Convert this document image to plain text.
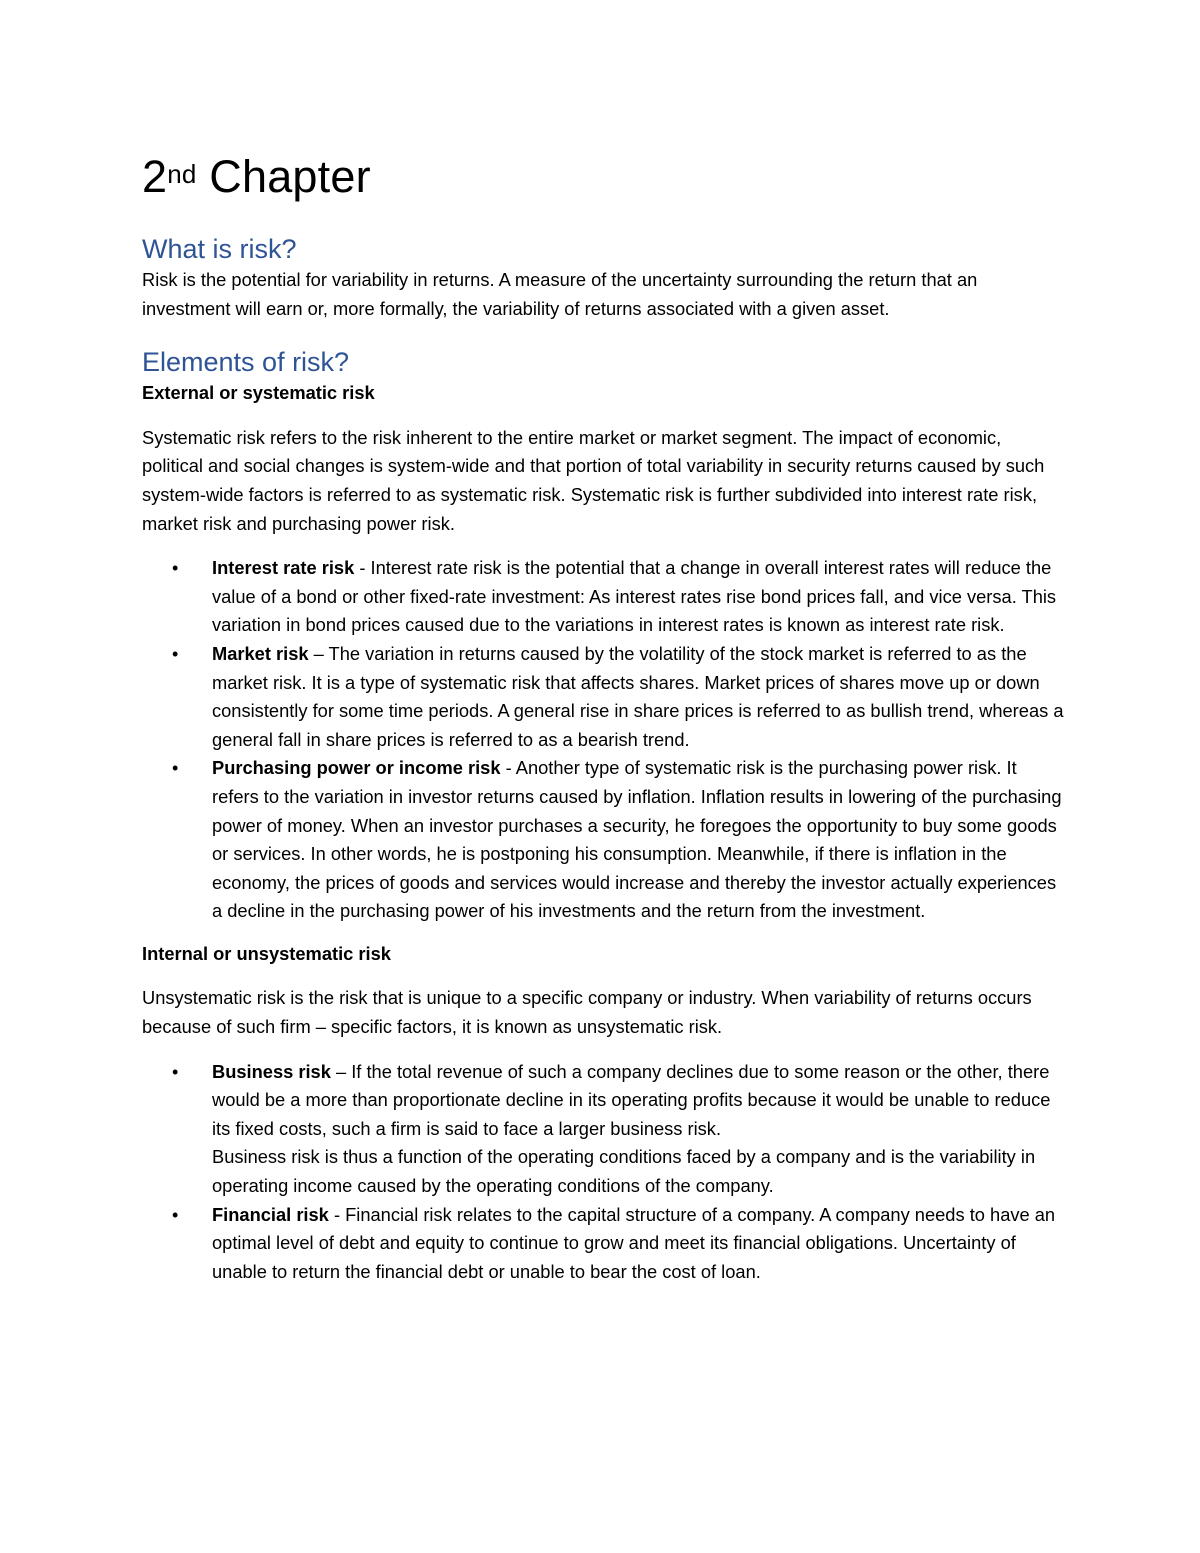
2nd Chapter
What is risk?

Risk is the potential for variability in returns. A measure of the uncertainty surrounding the return that an investment will earn or, more formally, the variability of returns associated with a given asset.

Elements of risk?

External or systematic risk

Systematic risk refers to the risk inherent to the entire market or market segment. The impact of economic, political and social changes is system-wide and that portion of total variability in security returns caused by such system-wide factors is referred to as systematic risk. Systematic risk is further subdivided into interest rate risk, market risk and purchasing power risk.

• Interest rate risk - Interest rate risk is the potential that a change in overall interest rates will reduce the value of a bond or other fixed-rate investment: As interest rates rise bond prices fall, and vice versa. This variation in bond prices caused due to the variations in interest rates is known as interest rate risk.
• Market risk – The variation in returns caused by the volatility of the stock market is referred to as the market risk. It is a type of systematic risk that affects shares. Market prices of shares move up or down consistently for some time periods. A general rise in share prices is referred to as bullish trend, whereas a general fall in share prices is referred to as a bearish trend.
• Purchasing power or income risk - Another type of systematic risk is the purchasing power risk. It refers to the variation in investor returns caused by inflation. Inflation results in lowering of the purchasing power of money. When an investor purchases a security, he foregoes the opportunity to buy some goods or services. In other words, he is postponing his consumption. Meanwhile, if there is inflation in the economy, the prices of goods and services would increase and thereby the investor actually experiences a decline in the purchasing power of his investments and the return from the investment.

Internal or unsystematic risk

Unsystematic risk is the risk that is unique to a specific company or industry. When variability of returns occurs because of such firm – specific factors, it is known as unsystematic risk.

• Business risk – If the total revenue of such a company declines due to some reason or the other, there would be a more than proportionate decline in its operating profits because it would be unable to reduce its fixed costs, such a firm is said to face a larger business risk.
Business risk is thus a function of the operating conditions faced by a company and is the variability in operating income caused by the operating conditions of the company.
• Financial risk - Financial risk relates to the capital structure of a company. A company needs to have an optimal level of debt and equity to continue to grow and meet its financial obligations. Uncertainty of unable to return the financial debt or unable to bear the cost of loan.
